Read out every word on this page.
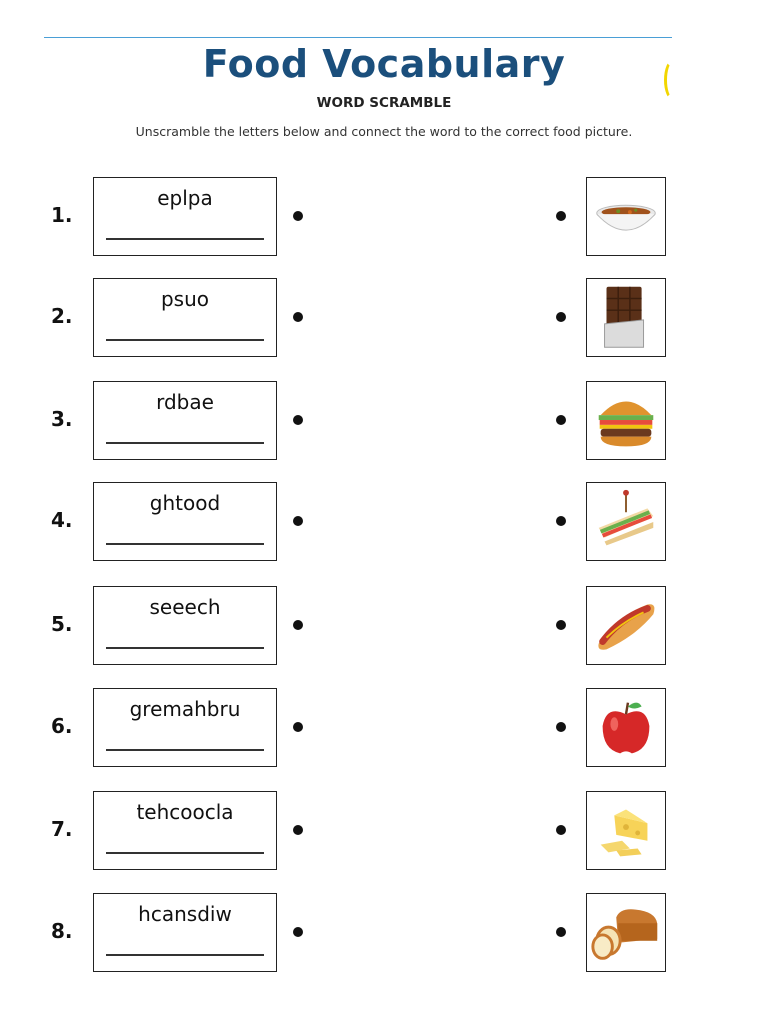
Food Vocabulary
WORD SCRAMBLE
Unscramble the letters below and connect the word to the correct food picture.
1.
eplpa
2.
psuo
3.
rdbae
4.
ghtood
5.
seeech
6.
gremahbru
7.
tehcoocla
8.
hcansdiw
